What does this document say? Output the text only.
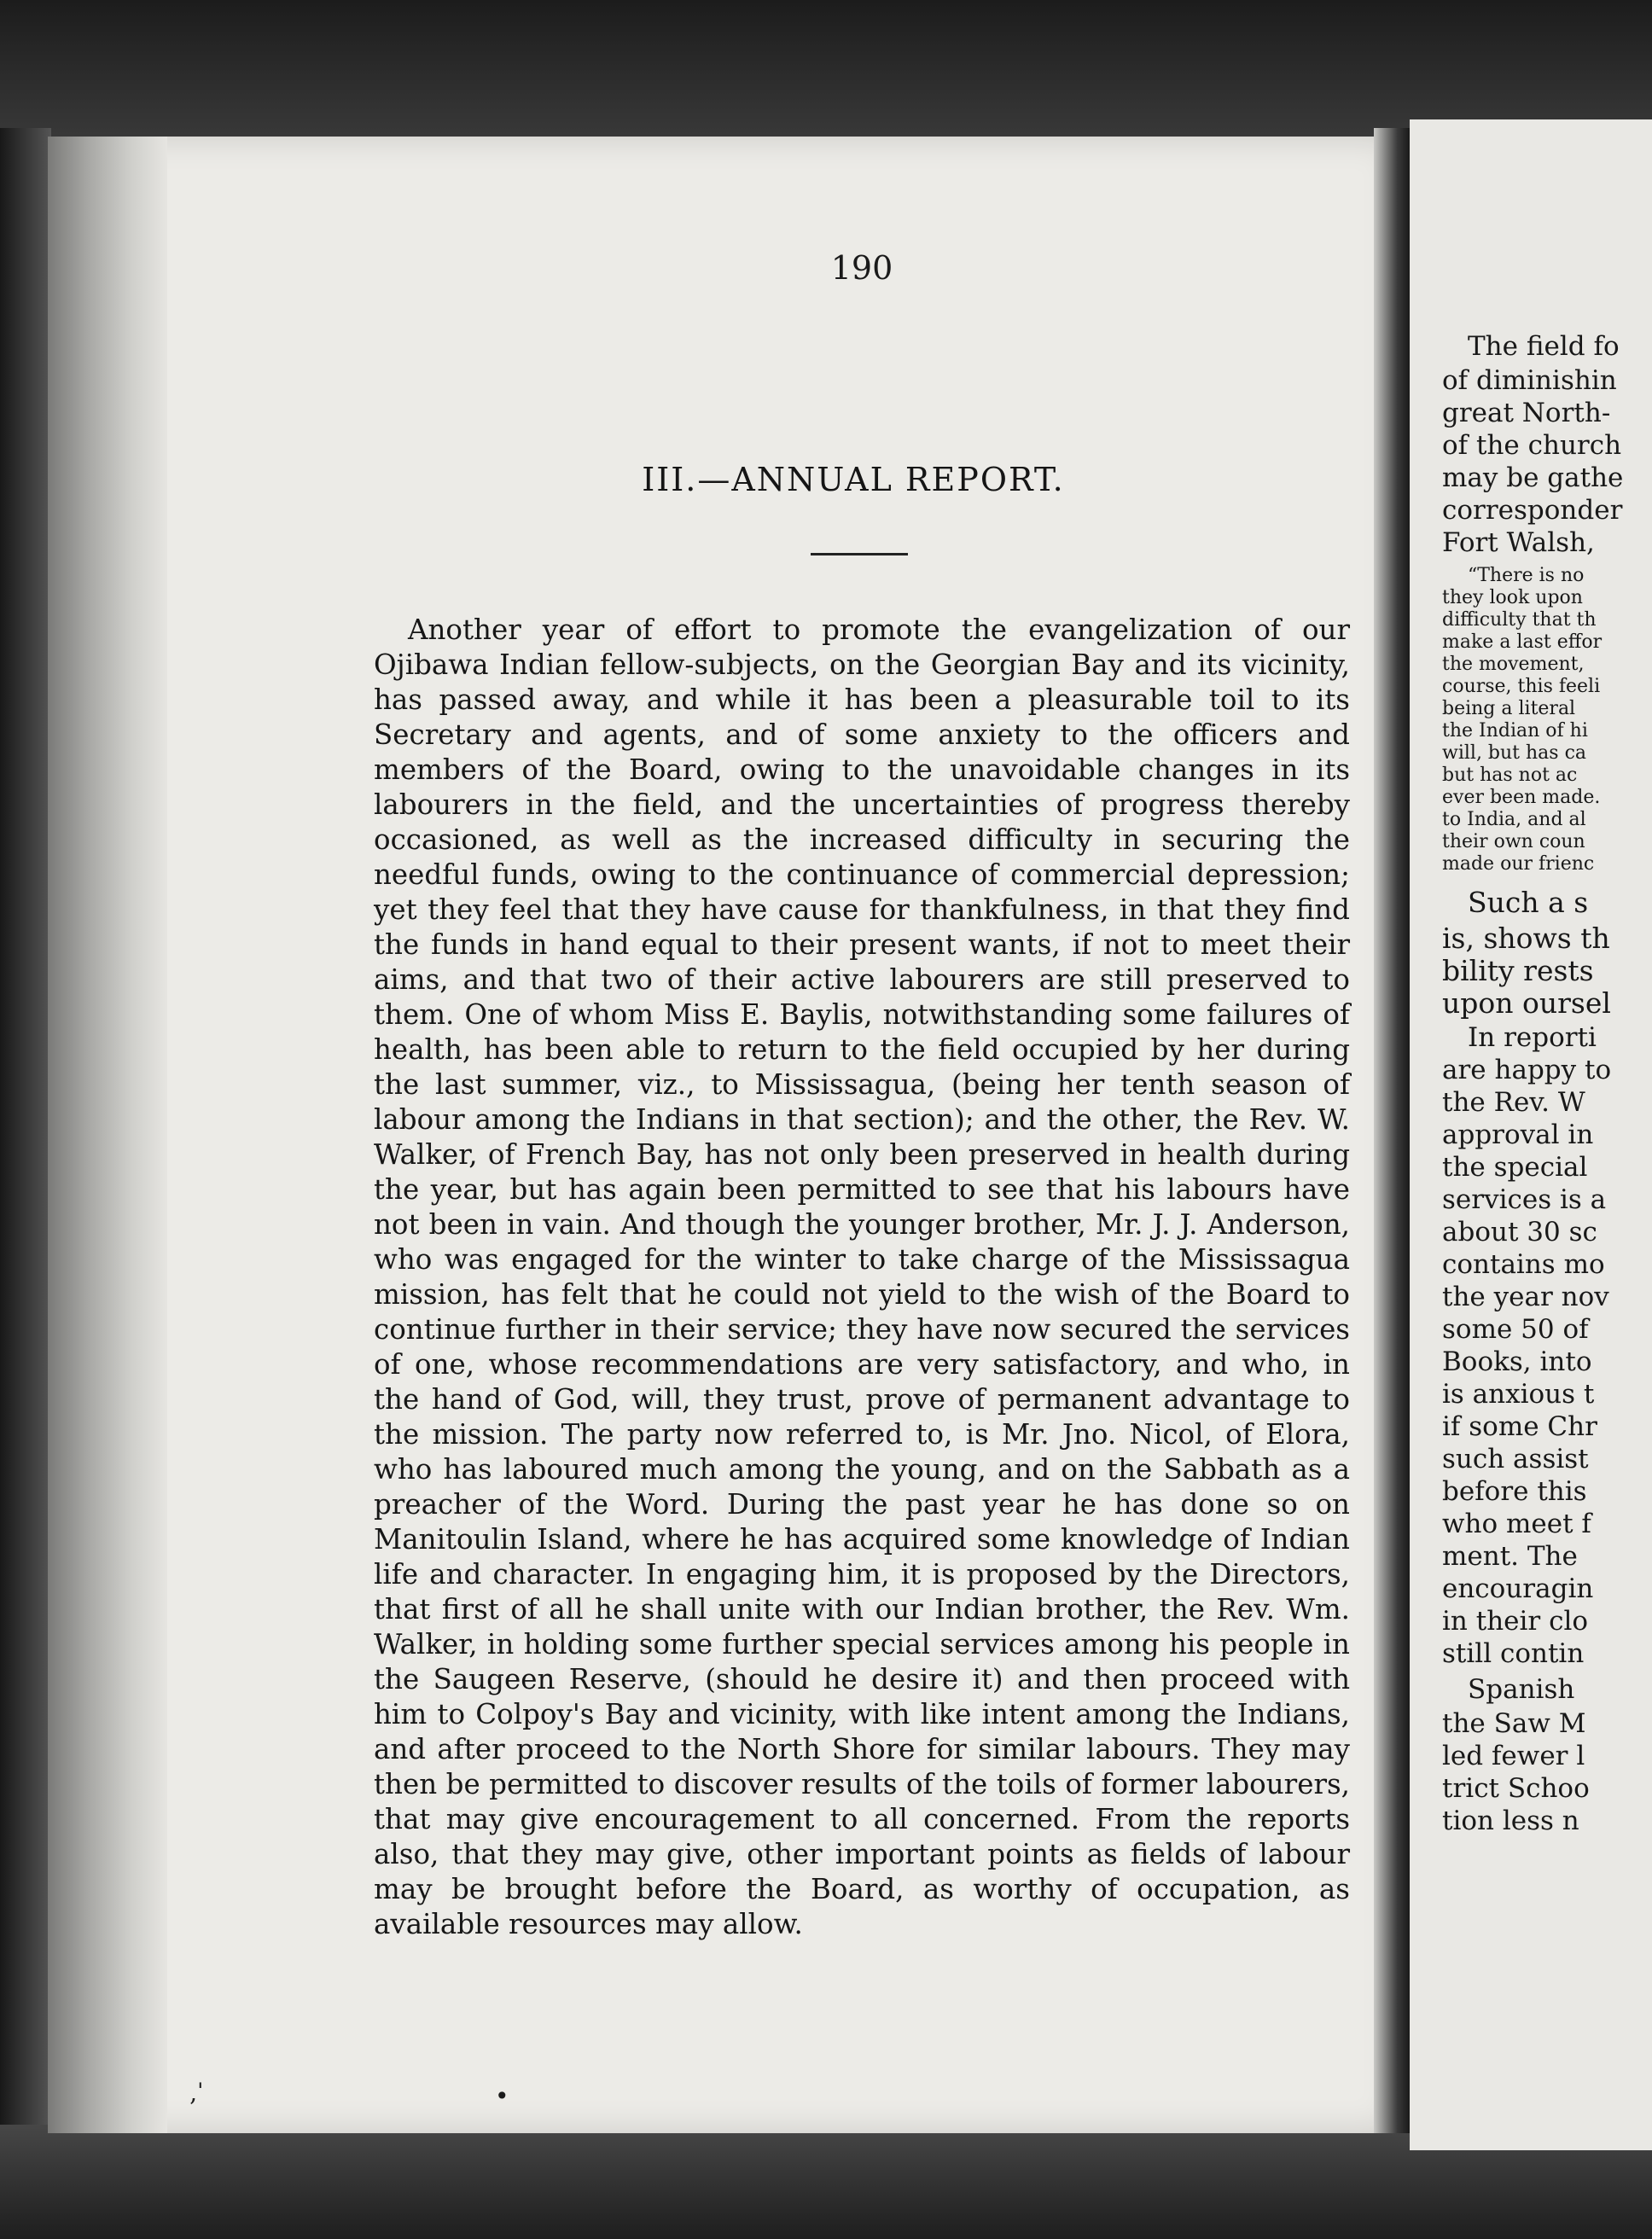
190
III.—ANNUAL REPORT.

Another year of effort to promote the evangelization of our Ojibawa Indian fellow-subjects, on the Georgian Bay and its vicinity, has passed away, and while it has been a pleasurable toil to its Secretary and agents, and of some anxiety to the officers and members of the Board, owing to the unavoidable changes in its labourers in the field, and the uncertainties of progress thereby occasioned, as well as the increased difficulty in securing the needful funds, owing to the continuance of commercial depression; yet they feel that they have cause for thankfulness, in that they find the funds in hand equal to their present wants, if not to meet their aims, and that two of their active labourers are still preserved to them. One of whom Miss E. Baylis, notwithstanding some failures of health, has been able to return to the field occupied by her during the last summer, viz., to Mississagua, (being her tenth season of labour among the Indians in that section); and the other, the Rev. W. Walker, of French Bay, has not only been preserved in health during the year, but has again been permitted to see that his labours have not been in vain. And though the younger brother, Mr. J. J. Anderson, who was engaged for the winter to take charge of the Mississagua mission, has felt that he could not yield to the wish of the Board to continue further in their service; they have now secured the services of one, whose recommendations are very satisfactory, and who, in the hand of God, will, they trust, prove of permanent advantage to the mission. The party now referred to, is Mr. Jno. Nicol, of Elora, who has laboured much among the young, and on the Sabbath as a preacher of the Word. During the past year he has done so on Manitoulin Island, where he has acquired some knowledge of Indian life and character. In engaging him, it is proposed by the Directors, that first of all he shall unite with our Indian brother, the Rev. Wm. Walker, in holding some further special services among his people in the Saugeen Reserve, (should he desire it) and then proceed with him to Colpoy's Bay and vicinity, with like intent among the Indians, and after proceed to the North Shore for similar labours. They may then be permitted to discover results of the toils of former labourers, that may give encouragement to all concerned. From the reports also, that they may give, other important points as fields of labour may be brought before the Board, as worthy of occupation, as available resources may allow.

‚ˈ	•
The field fo
of diminishin
great North-
of the church
may be gathe
corresponder
Fort Walsh,
“There is no
they look upon
difficulty that th
make a last effor
the movement,
course, this feeli
being a literal
the Indian of hi
will, but has ca
but has not ac
ever been made.
to India, and al
their own coun
made our frienc
Such a s
is, shows th
bility rests
upon oursel
In reporti
are happy to
the Rev. W
approval in
the special
services is a
about 30 sc
contains mo
the year nov
some 50 of
Books, into
is anxious t
if some Chr
such assist
before this
who meet f
ment. The
encouragin
in their clo
still contin
Spanish
the Saw M
led fewer l
trict Schoo
tion less n
